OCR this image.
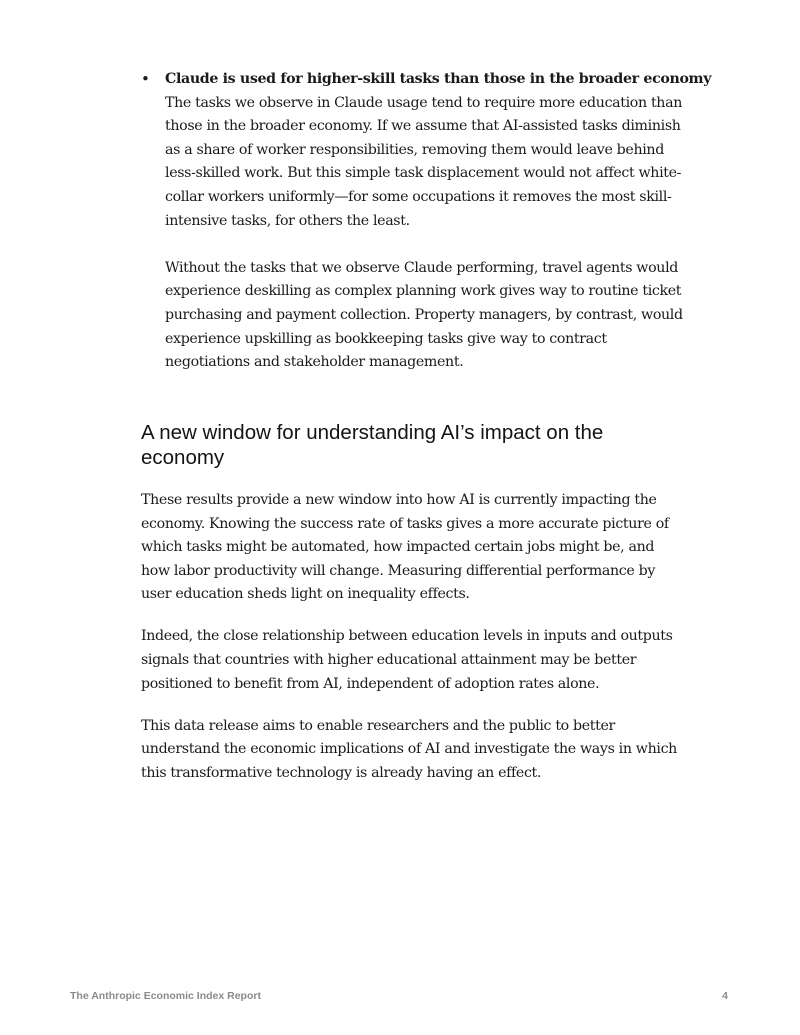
• Claude is used for higher-skill tasks than those in the broader economy

The tasks we observe in Claude usage tend to require more education than those in the broader economy. If we assume that AI-assisted tasks diminish as a share of worker responsibilities, removing them would leave behind less-skilled work. But this simple task displacement would not affect white-collar workers uniformly—for some occupations it removes the most skill-intensive tasks, for others the least.

Without the tasks that we observe Claude performing, travel agents would experience deskilling as complex planning work gives way to routine ticket purchasing and payment collection. Property managers, by contrast, would experience upskilling as bookkeeping tasks give way to contract negotiations and stakeholder management.

A new window for understanding AI’s impact on the economy

These results provide a new window into how AI is currently impacting the economy. Knowing the success rate of tasks gives a more accurate picture of which tasks might be automated, how impacted certain jobs might be, and how labor productivity will change. Measuring differential performance by user education sheds light on inequality effects.

Indeed, the close relationship between education levels in inputs and outputs signals that countries with higher educational attainment may be better positioned to benefit from AI, independent of adoption rates alone.

This data release aims to enable researchers and the public to better understand the economic implications of AI and investigate the ways in which this transformative technology is already having an effect.

The Anthropic Economic Index Report	4
